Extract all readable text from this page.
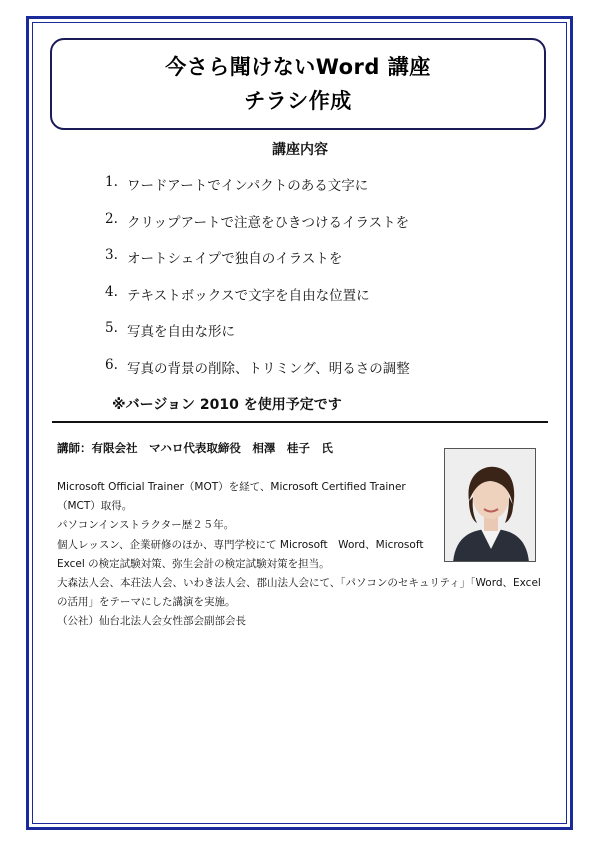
今さら聞けないWord 講座
チラシ作成
講座内容
1. ワードアートでインパクトのある文字に
2. クリップアートで注意をひきつけるイラストを
3. オートシェイプで独自のイラストを
4. テキストボックスで文字を自由な位置に
5. 写真を自由な形に
6. 写真の背景の削除、トリミング、明るさの調整
※バージョン 2010 を使用予定です
講師：有限会社　マハロ代表取締役　相澤　桂子　氏

Microsoft Official Trainer（MOT）を経て、Microsoft Certified Trainer（MCT）取得。

パソコンインストラクター歴２５年。

個人レッスン、企業研修のほか、専門学校にて Microsoft　Word、Microsoft Excel の検定試験対策、弥生会計の検定試験対策を担当。

大森法人会、本荘法人会、いわき法人会、郡山法人会にて、「パソコンのセキュリティ」「Word、Excel の活用」をテーマにした講演を実施。

（公社）仙台北法人会女性部会副部会長
